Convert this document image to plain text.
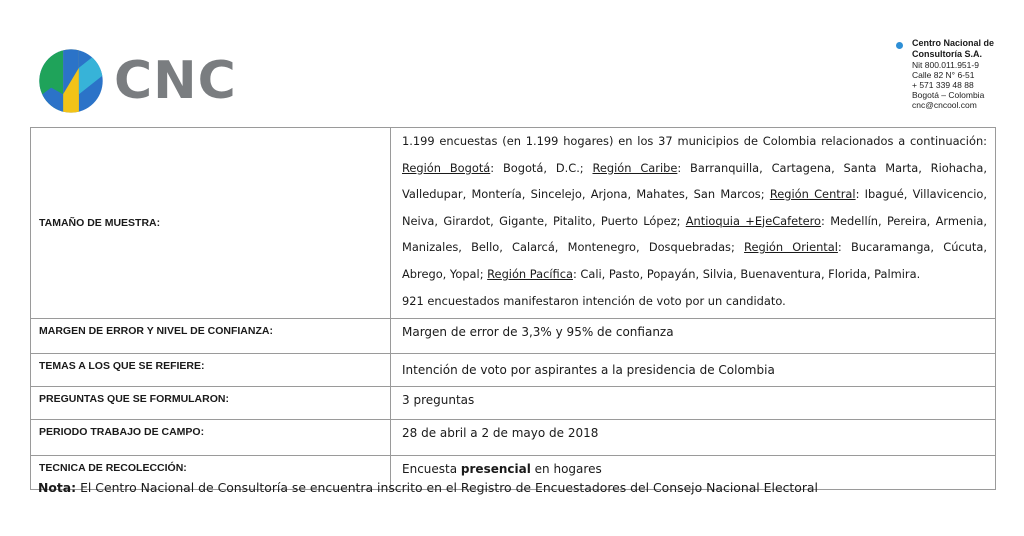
CNC
Centro Nacional de Consultoría S.A.
Nit 800.011.951-9
Calle 82 N° 6-51
+ 571 339 48 88
Bogotá – Colombia
cnc@cncool.com
TAMAÑO DE MUESTRA:	1.199 encuestas (en 1.199 hogares) en los 37 municipios de Colombia relacionados a continuación: Región Bogotá: Bogotá, D.C.; Región Caribe: Barranquilla, Cartagena, Santa Marta, Riohacha, Valledupar, Montería, Sincelejo, Arjona, Mahates, San Marcos; Región Central: Ibagué, Villavicencio, Neiva, Girardot, Gigante, Pitalito, Puerto López; Antioquia +EjeCafetero: Medellín, Pereira, Armenia, Manizales, Bello, Calarcá, Montenegro, Dosquebradas; Región Oriental: Bucaramanga, Cúcuta, Abrego, Yopal; Región Pacífica: Cali, Pasto, Popayán, Silvia, Buenaventura, Florida, Palmira.
921 encuestados manifestaron intención de voto por un candidato.

MARGEN DE ERROR Y NIVEL DE CONFIANZA:	Margen de error de 3,3% y 95% de confianza
TEMAS A LOS QUE SE REFIERE:	Intención de voto por aspirantes a la presidencia de Colombia
PREGUNTAS QUE SE FORMULARON:	3 preguntas
PERIODO TRABAJO DE CAMPO:	28 de abril a 2 de mayo de 2018
TECNICA DE RECOLECCIÓN:	Encuesta presencial en hogares
Nota: El Centro Nacional de Consultoría se encuentra inscrito en el Registro de Encuestadores del Consejo Nacional Electoral
